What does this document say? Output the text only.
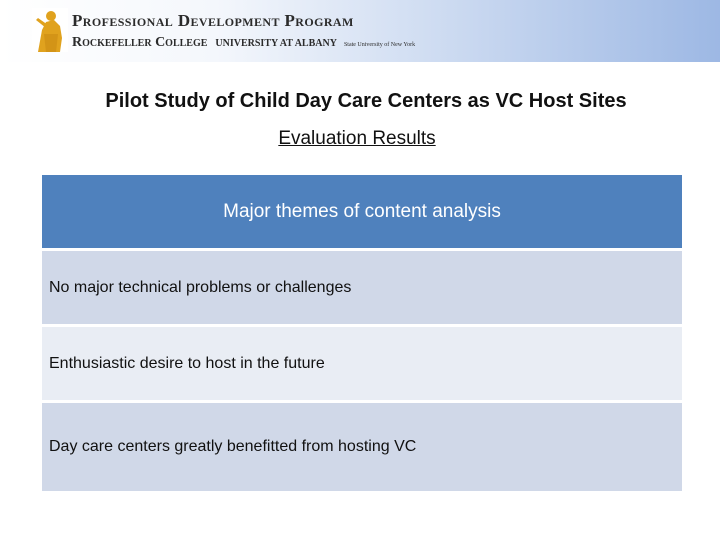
Professional Development Program
Rockefeller College UNIVERSITY AT ALBANY State University of New York
Pilot Study of Child Day Care Centers as VC Host Sites
Evaluation Results
Major themes of content analysis
No major technical problems or challenges
Enthusiastic desire to host in the future
Day care centers greatly benefitted from hosting VC
